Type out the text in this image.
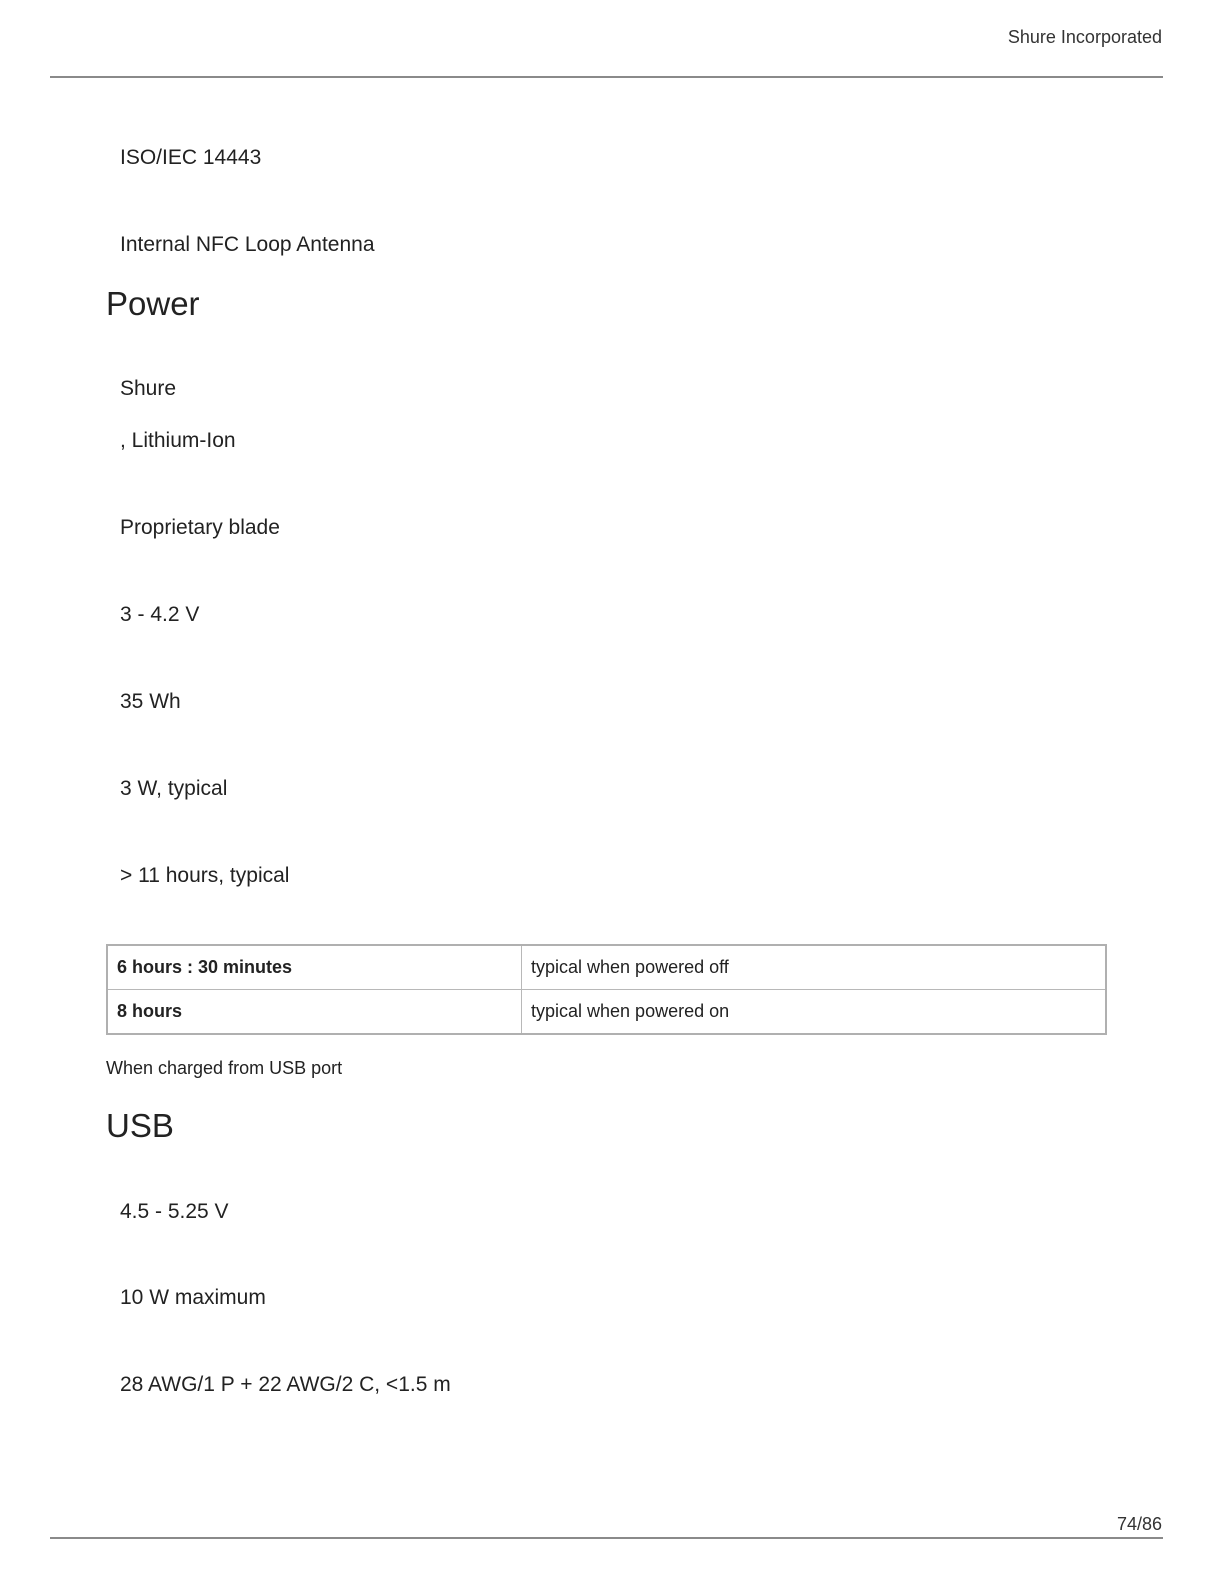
Shure Incorporated
ISO/IEC 14443
Internal NFC Loop Antenna
Power
Shure
, Lithium-Ion
Proprietary blade
3 - 4.2 V
35 Wh
3 W, typical
> 11 hours, typical
6 hours : 30 minutes	typical when powered off
8 hours	typical when powered on
When charged from USB port
USB
4.5 - 5.25 V
10 W maximum
28 AWG/1 P + 22 AWG/2 C, <1.5 m
74/86
